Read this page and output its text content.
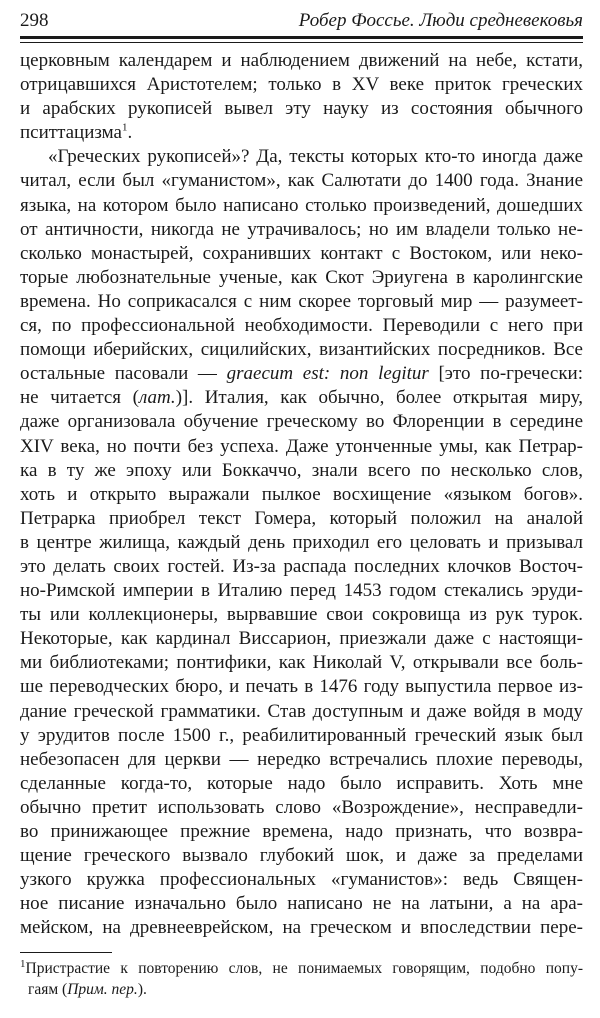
298	Робер Фоссье. Люди средневековья
церковным календарем и наблюдением движений на небе, кстати,
отрицавшихся Аристотелем; только в XV веке приток греческих
и арабских рукописей вывел эту науку из состояния обычного
пситтацизма$^1$.
«Греческих рукописей»? Да, тексты которых кто-то иногда даже
читал, если был «гуманистом», как Салютати до 1400 года. Знание
языка, на котором было написано столько произведений, дошедших
от античности, никогда не утрачивалось; но им владели только не-
сколько монастырей, сохранивших контакт с Востоком, или неко-
торые любознательные ученые, как Скот Эриугена в каролингские
времена. Но соприкасался с ним скорее торговый мир — разумеет-
ся, по профессиональной необходимости. Переводили с него при
помощи иберийских, сицилийских, византийских посредников. Все
остальные пасовали — graecum est: non legitur [это по-гречески:
не читается (лат.)]. Италия, как обычно, более открытая миру,
даже организовала обучение греческому во Флоренции в середине
XIV века, но почти без успеха. Даже утонченные умы, как Петрар-
ка в ту же эпоху или Боккаччо, знали всего по несколько слов,
хоть и открыто выражали пылкое восхищение «языком богов».
Петрарка приобрел текст Гомера, который положил на аналой
в центре жилища, каждый день приходил его целовать и призывал
это делать своих гостей. Из-за распада последних клочков Восточ-
но-Римской империи в Италию перед 1453 годом стекались эруди-
ты или коллекционеры, вырвавшие свои сокровища из рук турок.
Некоторые, как кардинал Виссарион, приезжали даже с настоящи-
ми библиотеками; понтифики, как Николай V, открывали все боль-
ше переводческих бюро, и печать в 1476 году выпустила первое из-
дание греческой грамматики. Став доступным и даже войдя в моду
у эрудитов после 1500 г., реабилитированный греческий язык был
небезопасен для церкви — нередко встречались плохие переводы,
сделанные когда-то, которые надо было исправить. Хоть мне
обычно претит использовать слово «Возрождение», несправедли-
во принижающее прежние времена, надо признать, что возвра-
щение греческого вызвало глубокий шок, и даже за пределами
узкого кружка профессиональных «гуманистов»: ведь Священ-
ное писание изначально было написано не на латыни, а на ара-
мейском, на древнееврейском, на греческом и впоследствии пере-
$^1$Пристрастие к повторению слов, не понимаемых говорящим, подобно попу-
гаям (Прим. пер.).
